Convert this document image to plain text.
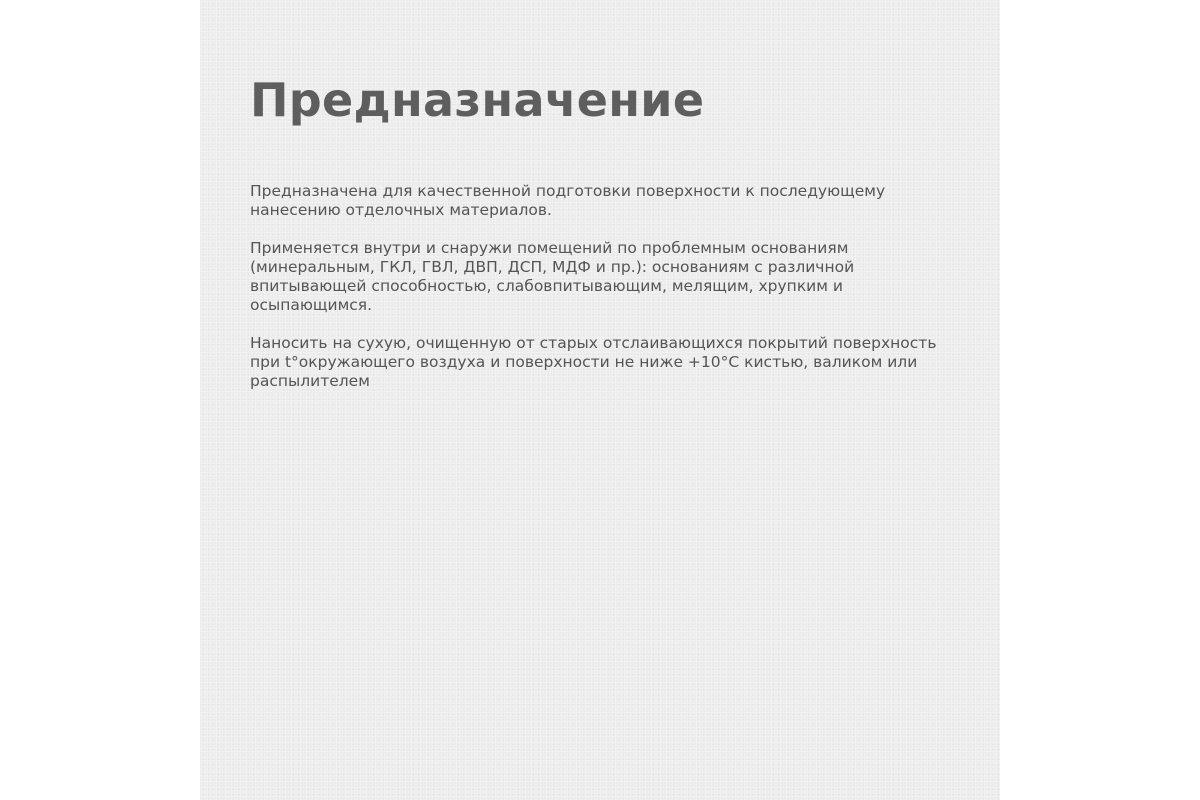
Предназначение

Предназначена для качественной подготовки поверхности к последующему
нанесению отделочных материалов.

Применяется внутри и снаружи помещений по проблемным основаниям
(минеральным, ГКЛ, ГВЛ, ДВП, ДСП, МДФ и пр.): основаниям с различной
впитывающей способностью, слабовпитывающим, мелящим, хрупким и
осыпающимся.

Наносить на сухую, очищенную от старых отслаивающихся покрытий поверхность
при t°окружающего воздуха и поверхности не ниже +10°С кистью, валиком или
распылителем
